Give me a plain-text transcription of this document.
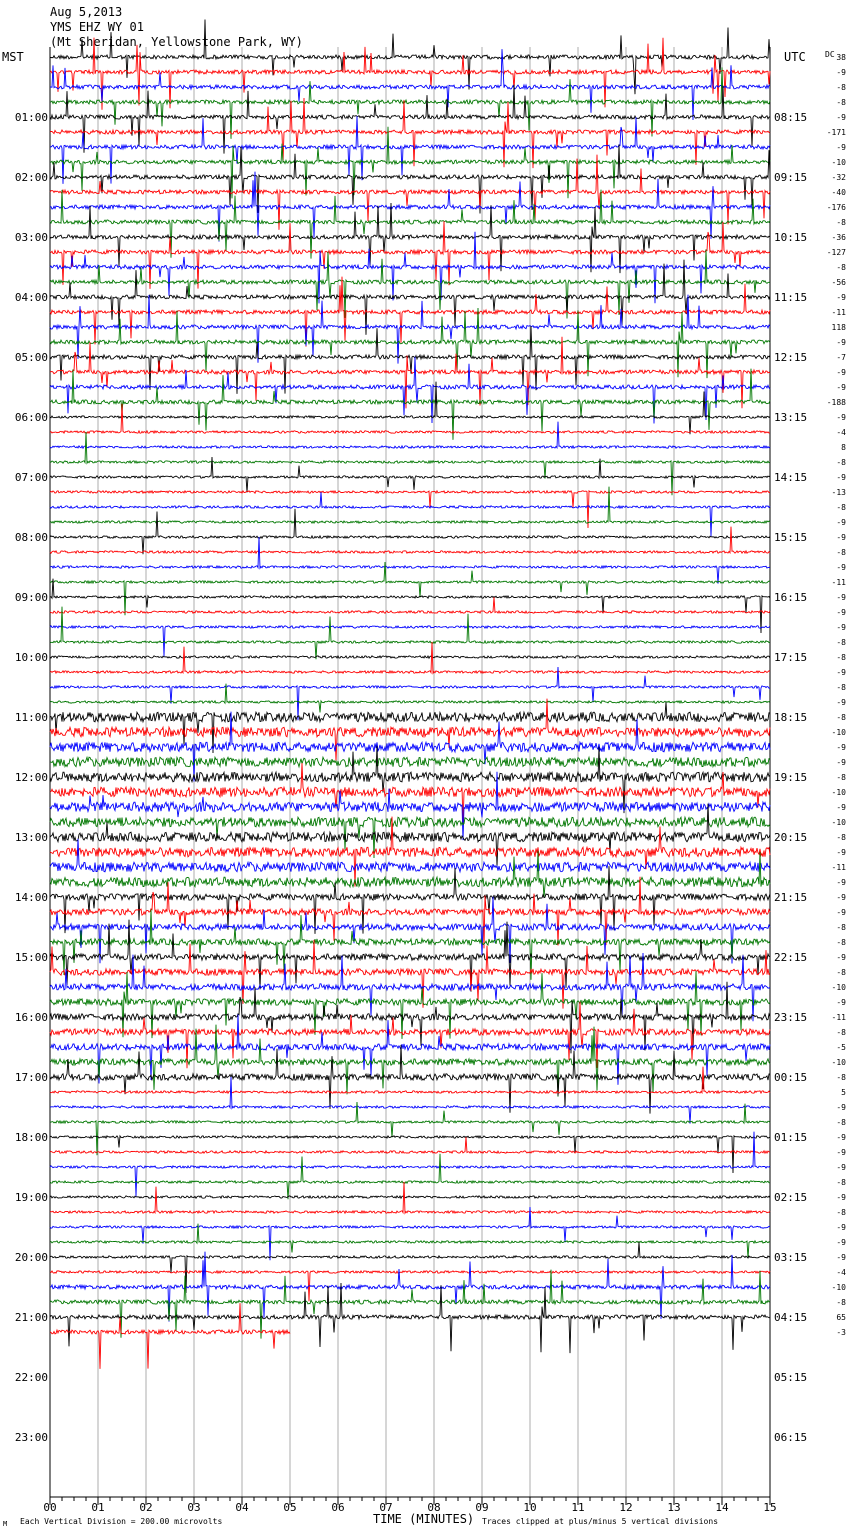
Aug 5,2013
YMS EHZ WY 01
(Mt Sheridan, Yellowstone Park, WY)
MST	UTC DC
00	01	02	03	04	05	06	07	08	09	10	11	12	13	14	15
01:00
02:00
03:00
04:00
05:00
06:00
07:00
08:00
09:00
10:00
11:00
12:00
13:00
14:00
15:00
16:00
17:00
18:00
19:00
20:00
21:00
22:00
23:00
08:15
09:15
10:15
11:15
12:15
13:15
14:15
15:15
16:15
17:15
18:15
19:15
20:15
21:15
22:15
23:15
00:15
01:15
02:15
03:15
04:15
05:15
06:15
38
-9
-8
-8
-9
-171
-9
-10
-32
-40
-176
-8
-36
-127
-8
-56
-9
-11
118
-9
-7
-9
-9
-188
-9
-4
8
-8
-9
-13
-8
-9
-9
-8
-9
-11
-9
-9
-9
-8
-8
-9
-8
-9
-8
-10
-9
-9
-8
-10
-9
-10
-8
-9
-11
-9
-9
-9
-8
-8
-9
-8
-10
-9
-11
-8
-5
-10
-8
5
-9
-8
-9
-9
-9
-8
-9
-8
-9
-9
-9
-4
-10
-8
65
-3
M Each Vertical Division = 200.00 microvolts	TIME (MINUTES) Traces clipped at plus/minus 5 vertical divisions
